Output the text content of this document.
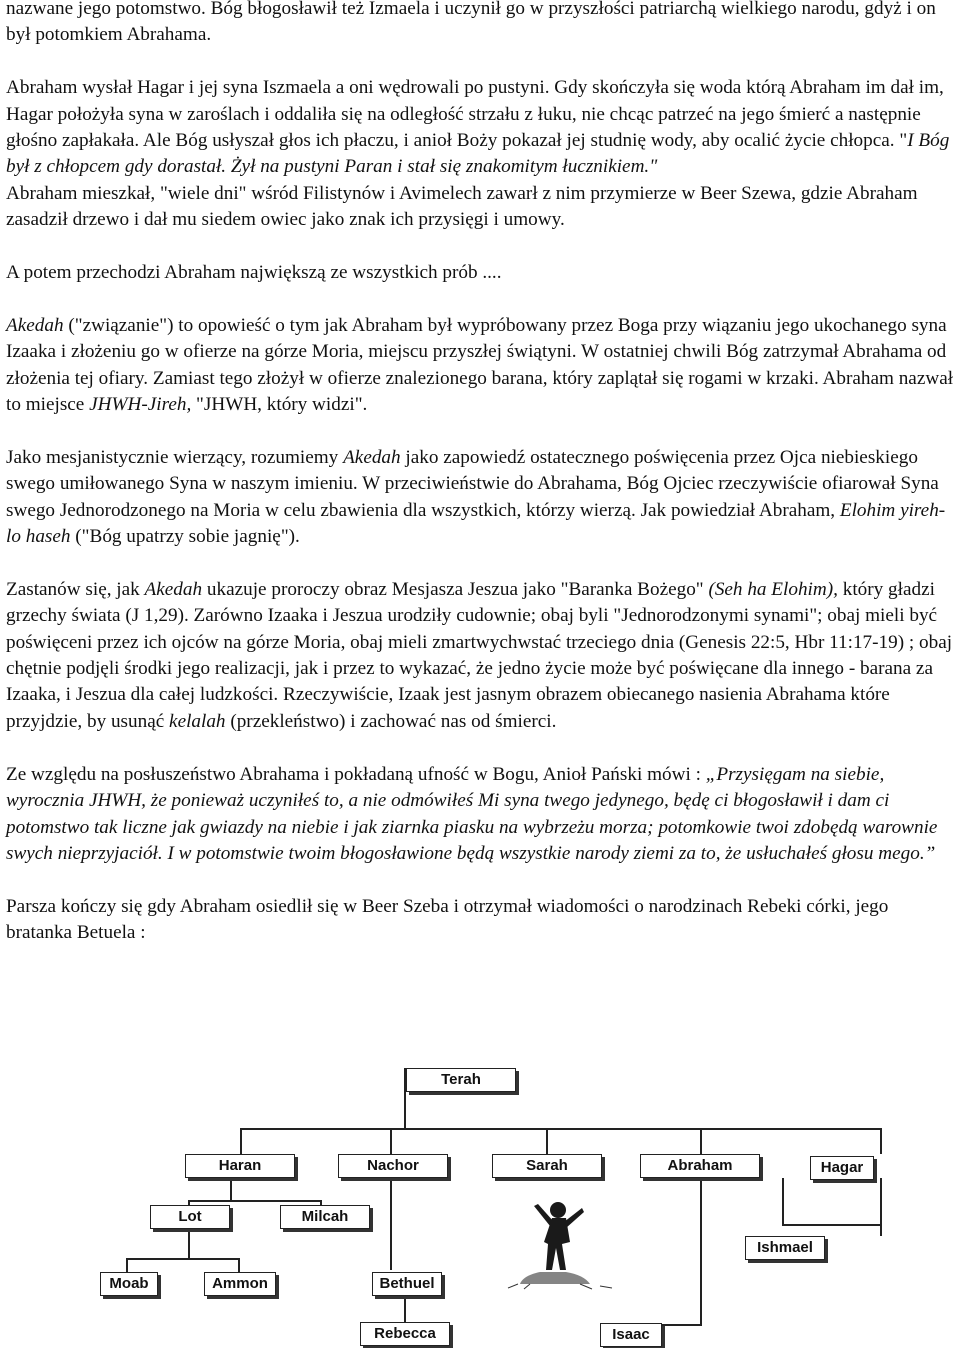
nazwane jego potomstwo. Bóg błogosławił też Izmaela i uczynił go w przyszłości patriarchą wielkiego narodu, gdyż i on był potomkiem Abrahama.

Abraham wysłał Hagar i jej syna Iszmaela a oni wędrowali po pustyni. Gdy skończyła się woda którą Abraham im dał im, Hagar położyła syna w zaroślach i oddaliła się na odległość strzału z łuku, nie chcąc patrzeć na jego śmierć a następnie głośno zapłakała. Ale Bóg usłyszał głos ich płaczu, i anioł Boży pokazał jej studnię wody, aby ocalić życie chłopca. "I Bóg był z chłopcem gdy dorastał. Żył na pustyni Paran i stał się znakomitym łucznikiem."

Abraham mieszkał, "wiele dni" wśród Filistynów i Avimelech zawarł z nim przymierze w Beer Szewa, gdzie Abraham zasadził drzewo i dał mu siedem owiec jako znak ich przysięgi i umowy.

A potem przechodzi Abraham największą ze wszystkich prób ....

Akedah ("związanie") to opowieść o tym jak Abraham był wypróbowany przez Boga przy wiązaniu jego ukochanego syna Izaaka i złożeniu go w ofierze na górze Moria, miejscu przyszłej świątyni. W ostatniej chwili Bóg zatrzymał Abrahama od złożenia tej ofiary. Zamiast tego złożył w ofierze znalezionego barana, który zaplątał się rogami w krzaki. Abraham nazwał to miejsce JHWH-Jireh, "JHWH, który widzi".

Jako mesjanistycznie wierzący, rozumiemy Akedah jako zapowiedź ostatecznego poświęcenia przez Ojca niebieskiego swego umiłowanego Syna w naszym imieniu. W przeciwieństwie do Abrahama, Bóg Ojciec rzeczywiście ofiarował Syna swego Jednorodzonego na Moria w celu zbawienia dla wszystkich, którzy wierzą. Jak powiedział Abraham, Elohim yireh-lo haseh ("Bóg upatrzy sobie jagnię").

Zastanów się, jak Akedah ukazuje proroczy obraz Mesjasza Jeszua jako "Baranka Bożego" (Seh ha Elohim), który gładzi grzechy świata (J 1,29). Zarówno Izaaka i Jeszua urodziły cudownie; obaj byli "Jednorodzonymi synami"; obaj mieli być poświęceni przez ich ojców na górze Moria, obaj mieli zmartwychwstać trzeciego dnia (Genesis 22:5, Hbr 11:17-19) ; obaj chętnie podjęli środki jego realizacji, jak i przez to wykazać, że jedno życie może być poświęcane dla innego - barana za Izaaka, i Jeszua dla całej ludzkości. Rzeczywiście, Izaak jest jasnym obrazem obiecanego nasienia Abrahama które przyjdzie, by usunąć kelalah (przekleństwo) i zachować nas od śmierci.

Ze względu na posłuszeństwo Abrahama i pokładaną ufność w Bogu, Anioł Pański mówi : „Przysięgam na siebie, wyrocznia JHWH, że ponieważ uczyniłeś to, a nie odmówiłeś Mi syna twego jedynego, będę ci błogosławił i dam ci potomstwo tak liczne jak gwiazdy na niebie i jak ziarnka piasku na wybrzeżu morza; potomkowie twoi zdobędą warownie swych nieprzyjaciół. I w potomstwie twoim błogosławione będą wszystkie narody ziemi za to, że usłuchałeś głosu mego.”

Parsza kończy się gdy Abraham osiedlił się w Beer Szeba i otrzymał wiadomości o narodzinach Rebeki córki, jego bratanka Betuela :

Terah
Haran	Nachor	Sarah	Abraham	Hagar
Lot	Milcah
Ishmael
Moab	Ammon	Bethuel
Rebecca	Isaac
